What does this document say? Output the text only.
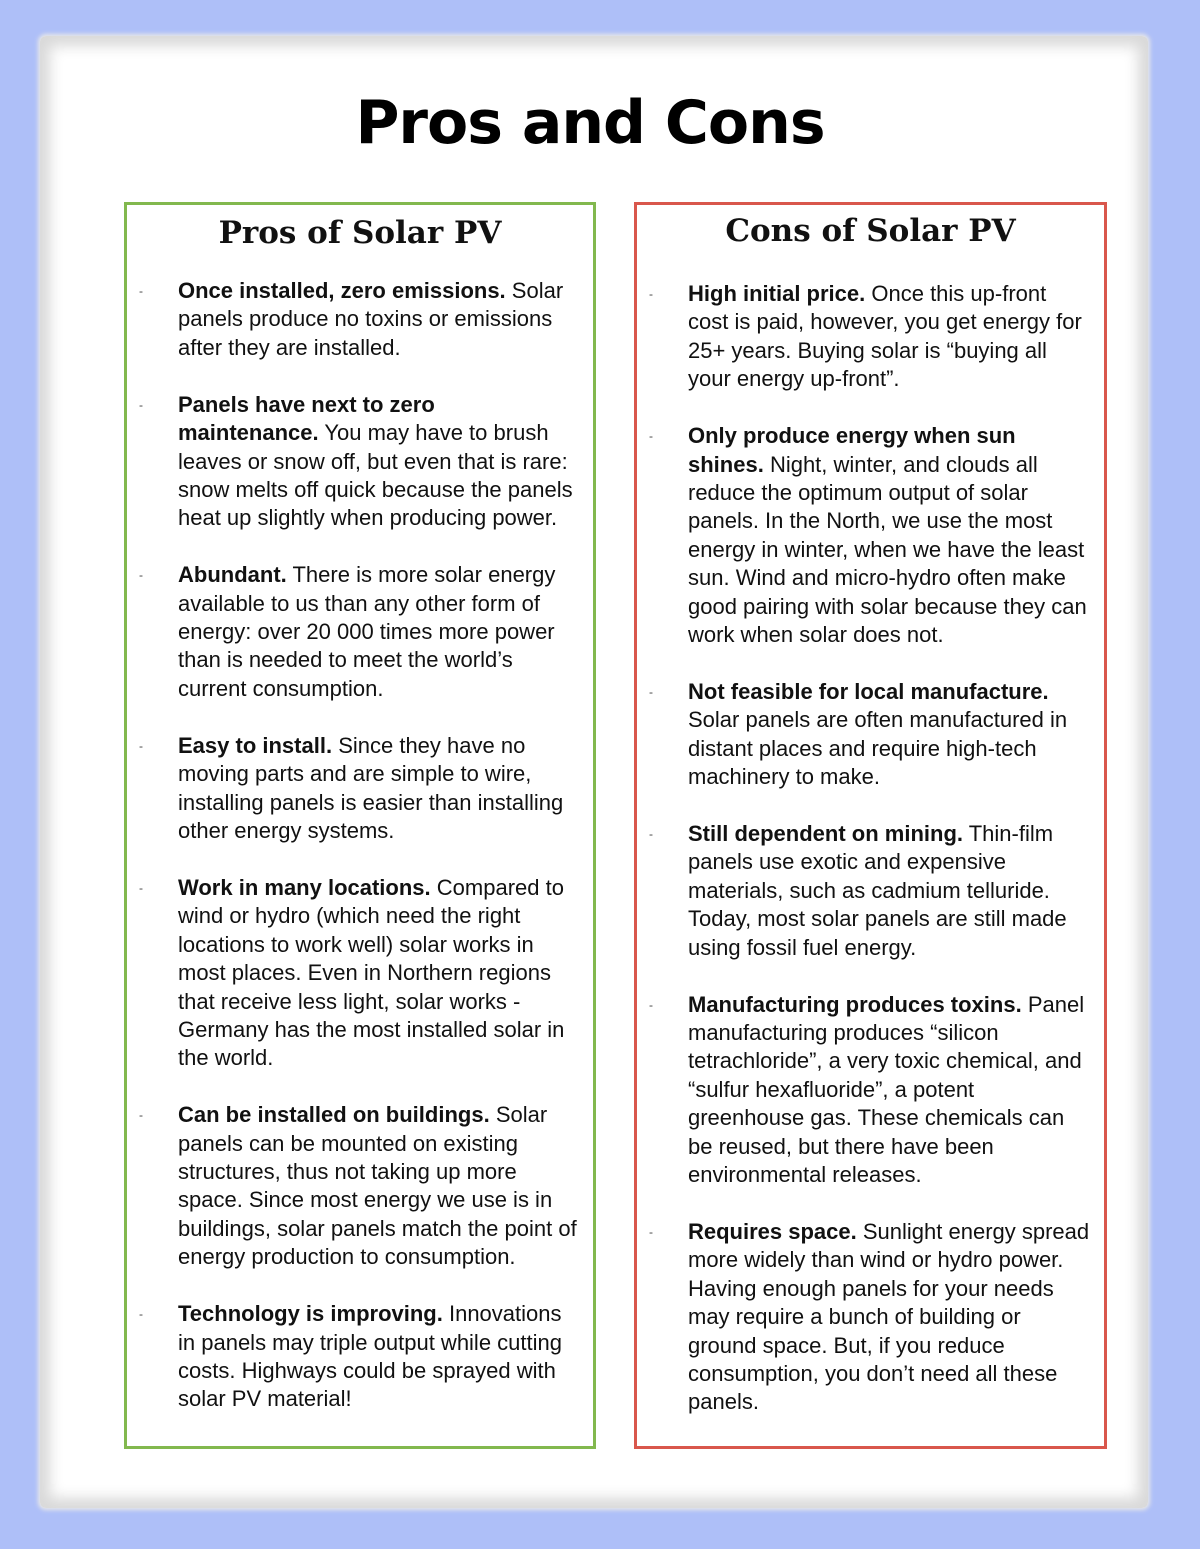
Pros and Cons
Pros of Solar PV
- Once installed, zero emissions. Solar panels produce no toxins or emissions after they are installed.
- Panels have next to zero maintenance. You may have to brush leaves or snow off, but even that is rare: snow melts off quick because the panels heat up slightly when producing power.
- Abundant. There is more solar energy available to us than any other form of energy: over 20 000 times more power than is needed to meet the world’s current consumption.
- Easy to install. Since they have no moving parts and are simple to wire, installing panels is easier than installing other energy systems.
- Work in many locations. Compared to wind or hydro (which need the right locations to work well) solar works in most places. Even in Northern regions that receive less light, solar works - Germany has the most installed solar in the world.
- Can be installed on buildings. Solar panels can be mounted on existing structures, thus not taking up more space. Since most energy we use is in buildings, solar panels match the point of energy production to consumption.
- Technology is improving. Innovations in panels may triple output while cutting costs. Highways could be sprayed with solar PV material!
Cons of Solar PV
- High initial price. Once this up-front cost is paid, however, you get energy for 25+ years. Buying solar is “buying all your energy up-front”.
- Only produce energy when sun shines. Night, winter, and clouds all reduce the optimum output of solar panels. In the North, we use the most energy in winter, when we have the least sun. Wind and micro-hydro often make good pairing with solar because they can work when solar does not.
- Not feasible for local manufacture. Solar panels are often manufactured in distant places and require high-tech machinery to make.
- Still dependent on mining. Thin-film panels use exotic and expensive materials, such as cadmium telluride. Today, most solar panels are still made using fossil fuel energy.
- Manufacturing produces toxins. Panel manufacturing produces “silicon tetrachloride”, a very toxic chemical, and “sulfur hexafluoride”, a potent greenhouse gas. These chemicals can be reused, but there have been environmental releases.
- Requires space. Sunlight energy spread more widely than wind or hydro power. Having enough panels for your needs may require a bunch of building or ground space. But, if you reduce consumption, you don’t need all these panels.
